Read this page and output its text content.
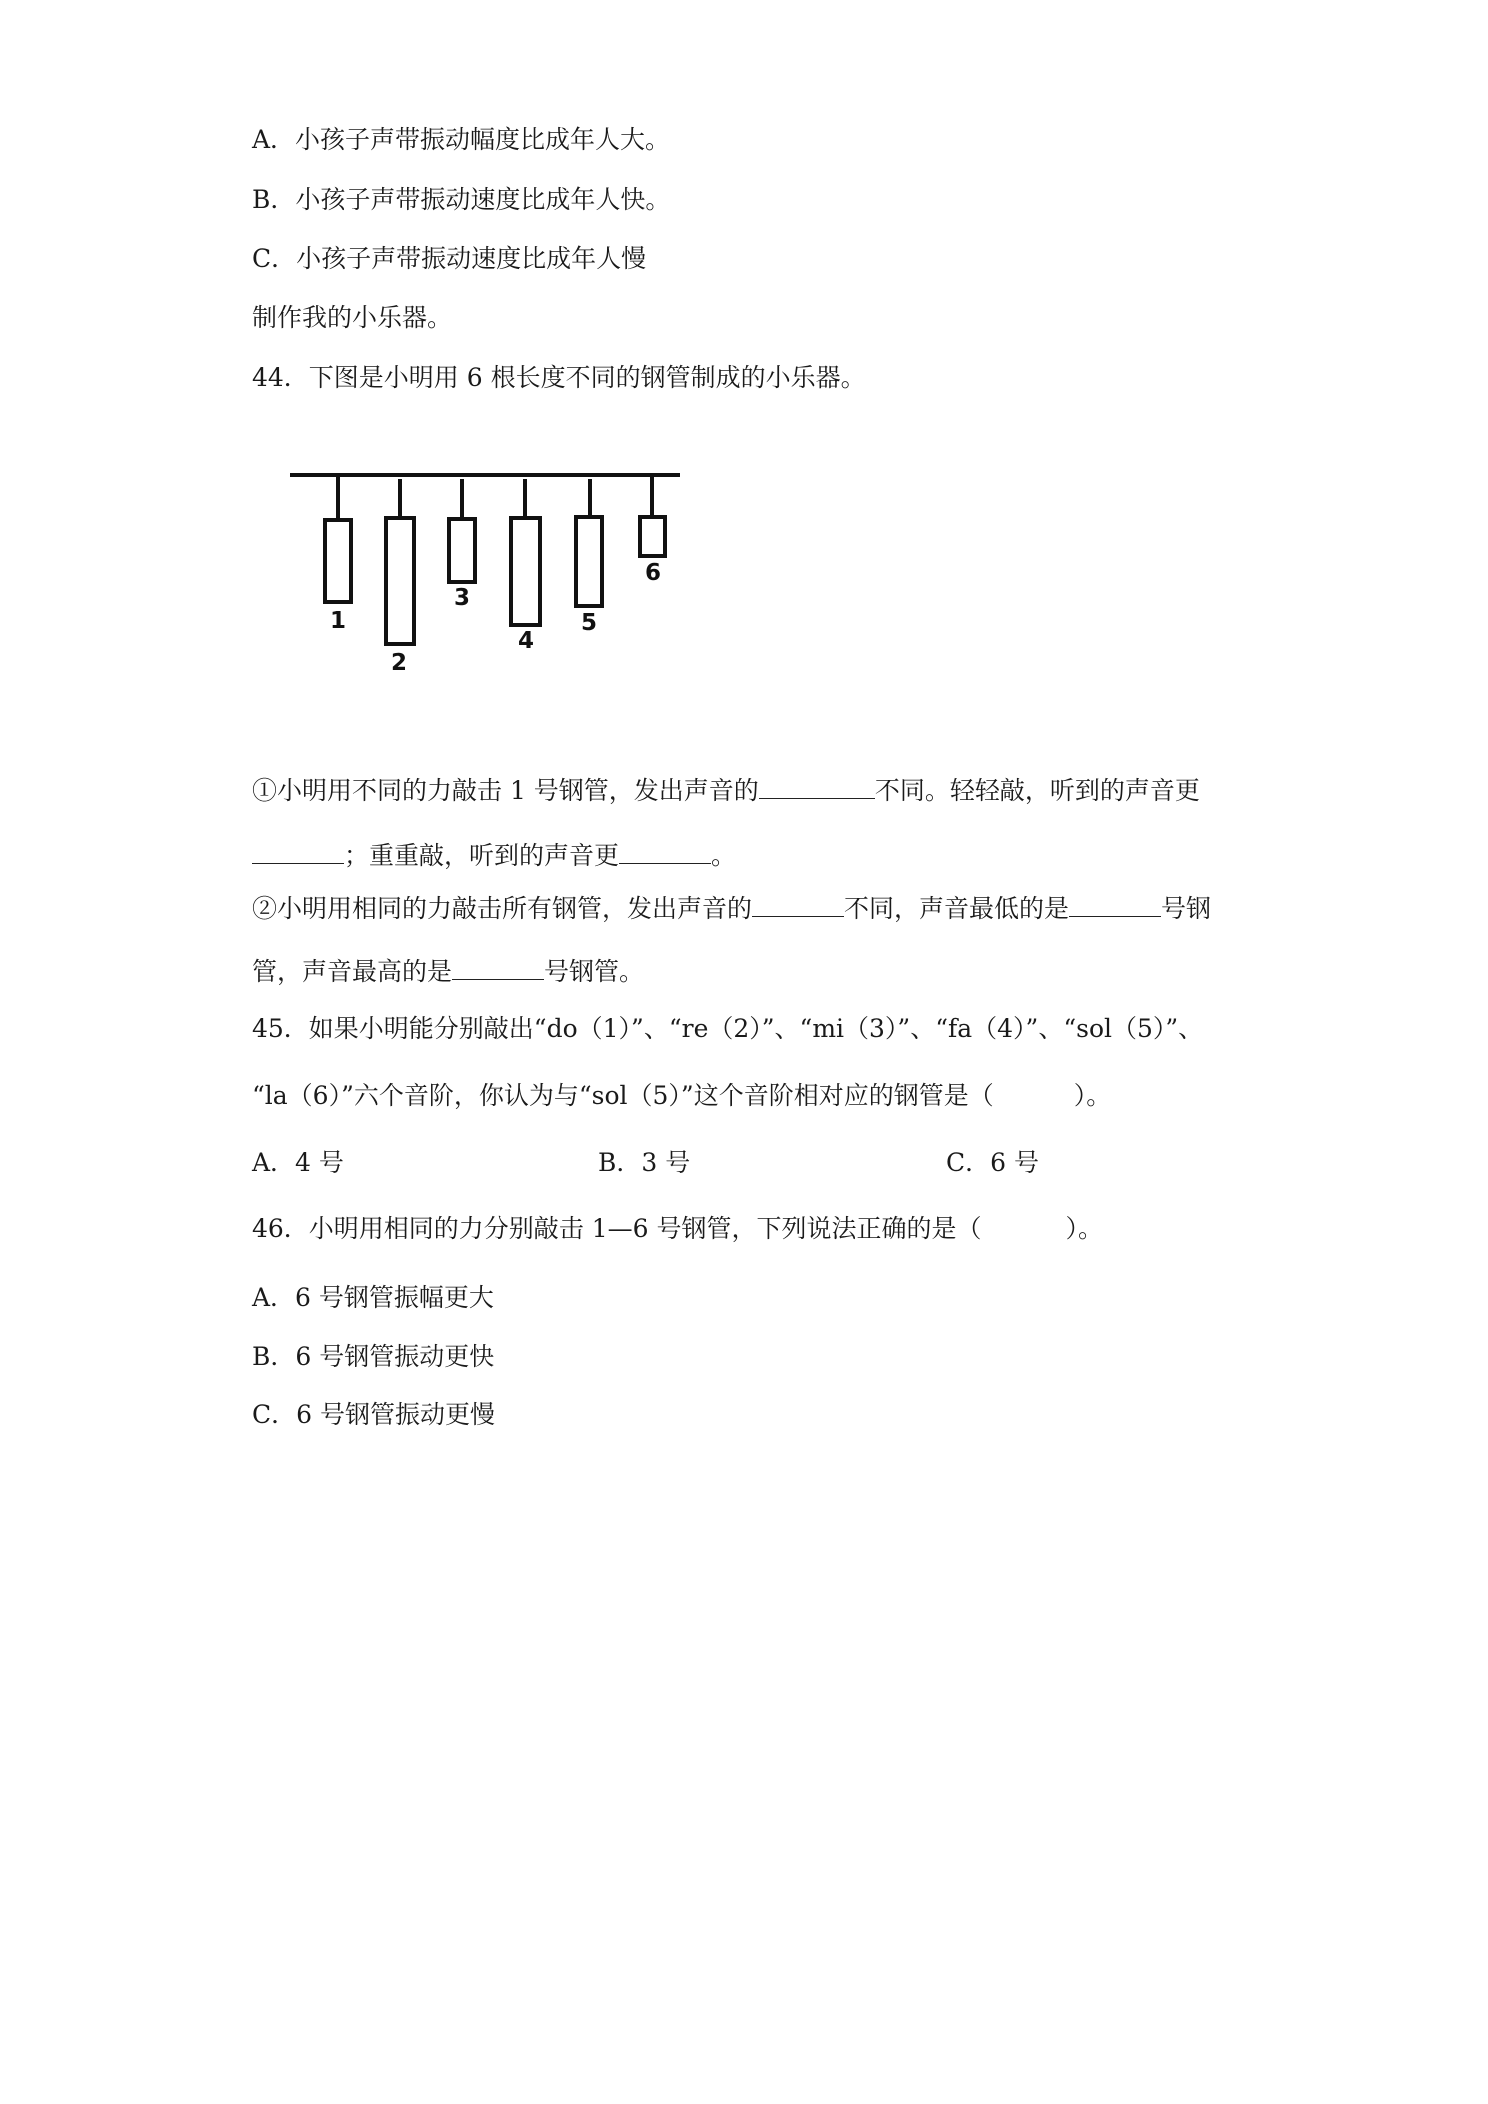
A．小孩子声带振动幅度比成年人大。
B．小孩子声带振动速度比成年人快。
C．小孩子声带振动速度比成年人慢
制作我的小乐器。
44．下图是小明用 6 根长度不同的钢管制成的小乐器。
1
2
3
4
5
6
①小明用不同的力敲击 1 号钢管，发出声音的	不同。轻轻敲，听到的声音更
；重重敲，听到的声音更	。
②小明用相同的力敲击所有钢管，发出声音的	不同，声音最低的是	号钢
管，声音最高的是	号钢管。
45．如果小明能分别敲出“do（1）”、“re（2）”、“mi（3）”、“fa（4）”、“sol（5）”、
“la（6）”六个音阶，你认为与“sol（5）”这个音阶相对应的钢管是（	）。
A．4 号	B．3 号	C．6 号
46．小明用相同的力分别敲击 1—6 号钢管，下列说法正确的是（	）。
A．6 号钢管振幅更大
B．6 号钢管振动更快
C．6 号钢管振动更慢
